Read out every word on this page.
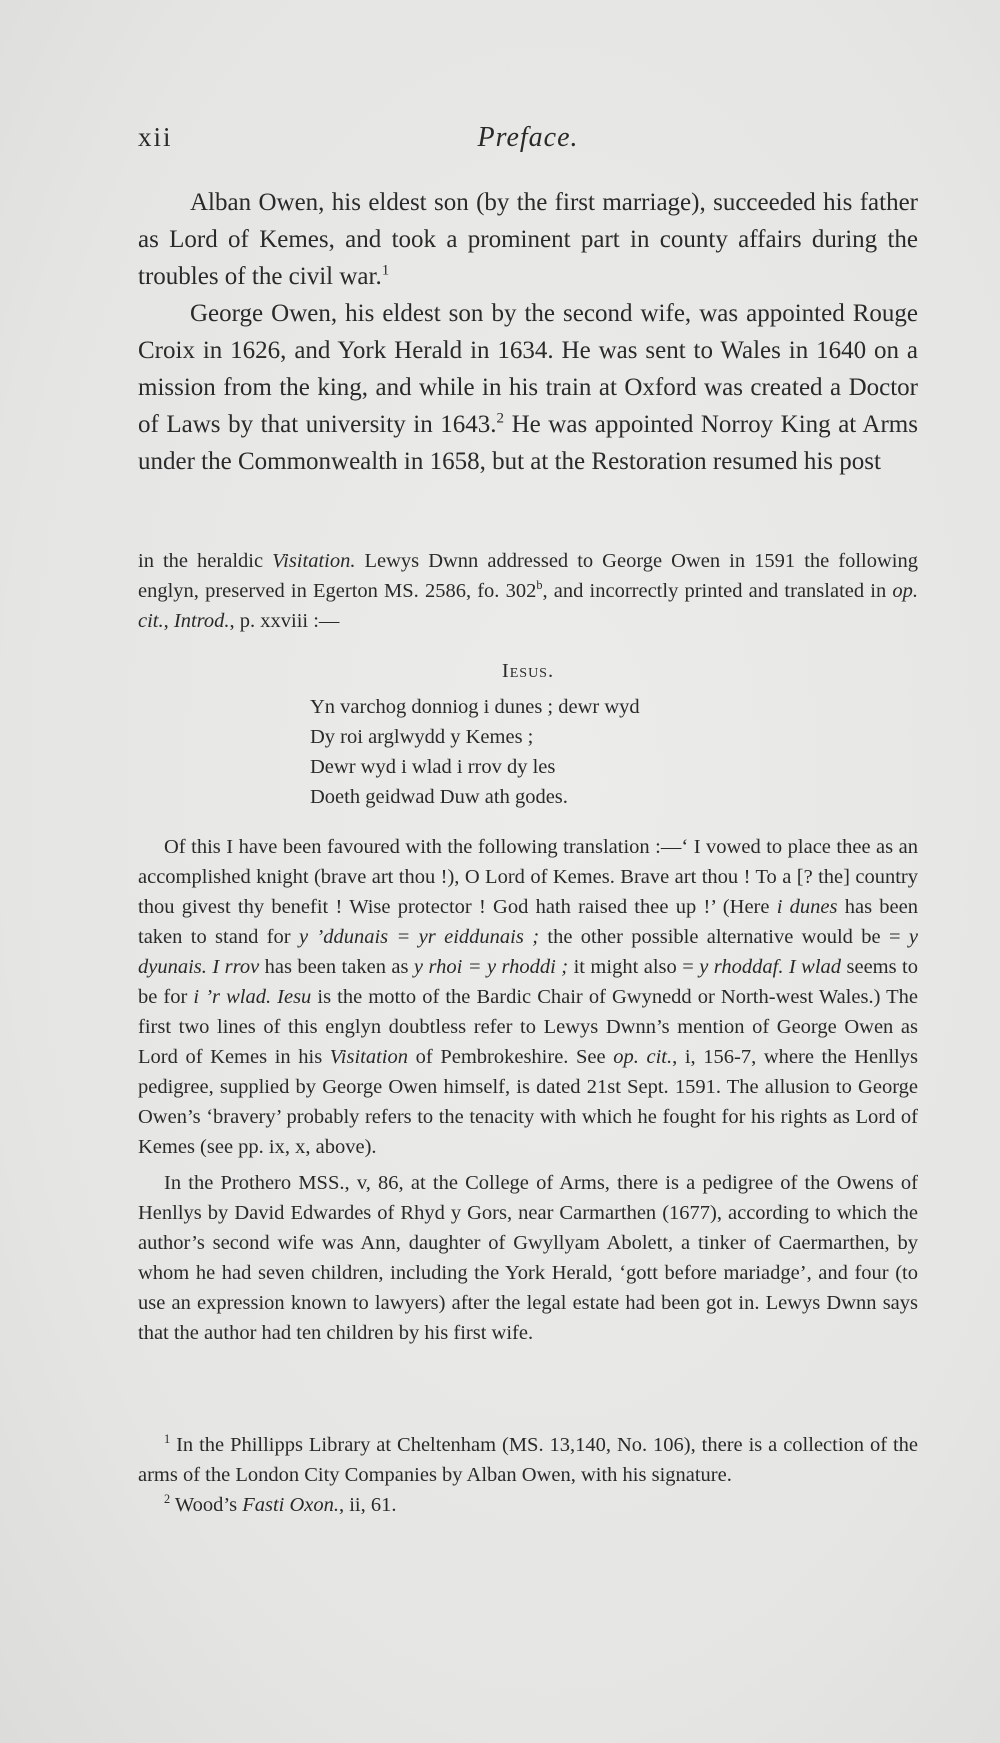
xii	Preface.

Alban Owen, his eldest son (by the first marriage), succeeded his father as Lord of Kemes, and took a prominent part in county affairs during the troubles of the civil war.$^1$

George Owen, his eldest son by the second wife, was appointed Rouge Croix in 1626, and York Herald in 1634. He was sent to Wales in 1640 on a mission from the king, and while in his train at Oxford was created a Doctor of Laws by that university in 1643.$^2$ He was appointed Norroy King at Arms under the Commonwealth in 1658, but at the Restoration resumed his post

in the heraldic Visitation. Lewys Dwnn addressed to George Owen in 1591 the following englyn, preserved in Egerton MS. 2586, fo. 302$^b$, and incorrectly printed and translated in op. cit., Introd., p. xxviii :—

Iesus.
Yn varchog donniog i dunes ; dewr wyd
Dy roi arglwydd y Kemes ;
Dewr wyd i wlad i rrov dy les
Doeth geidwad Duw ath godes.

Of this I have been favoured with the following translation :—‘ I vowed to place thee as an accomplished knight (brave art thou !), O Lord of Kemes. Brave art thou ! To a [? the] country thou givest thy benefit ! Wise protector ! God hath raised thee up !’ (Here i dunes has been taken to stand for y ’ddunais = yr eiddunais ; the other possible alternative would be = y dyunais. I rrov has been taken as y rhoi = y rhoddi ; it might also = y rhoddaf. I wlad seems to be for i ’r wlad. Iesu is the motto of the Bardic Chair of Gwynedd or North-west Wales.) The first two lines of this englyn doubtless refer to Lewys Dwnn’s mention of George Owen as Lord of Kemes in his Visitation of Pembrokeshire. See op. cit., i, 156-7, where the Henllys pedigree, supplied by George Owen himself, is dated 21st Sept. 1591. The allusion to George Owen’s ‘bravery’ probably refers to the tenacity with which he fought for his rights as Lord of Kemes (see pp. ix, x, above).

In the Prothero MSS., v, 86, at the College of Arms, there is a pedigree of the Owens of Henllys by David Edwardes of Rhyd y Gors, near Carmarthen (1677), according to which the author’s second wife was Ann, daughter of Gwyllyam Abolett, a tinker of Caermarthen, by whom he had seven children, including the York Herald, ‘gott before mariadge’, and four (to use an expression known to lawyers) after the legal estate had been got in. Lewys Dwnn says that the author had ten children by his first wife.

$^1$ In the Phillipps Library at Cheltenham (MS. 13,140, No. 106), there is a collection of the arms of the London City Companies by Alban Owen, with his signature.

$^2$ Wood’s Fasti Oxon., ii, 61.
